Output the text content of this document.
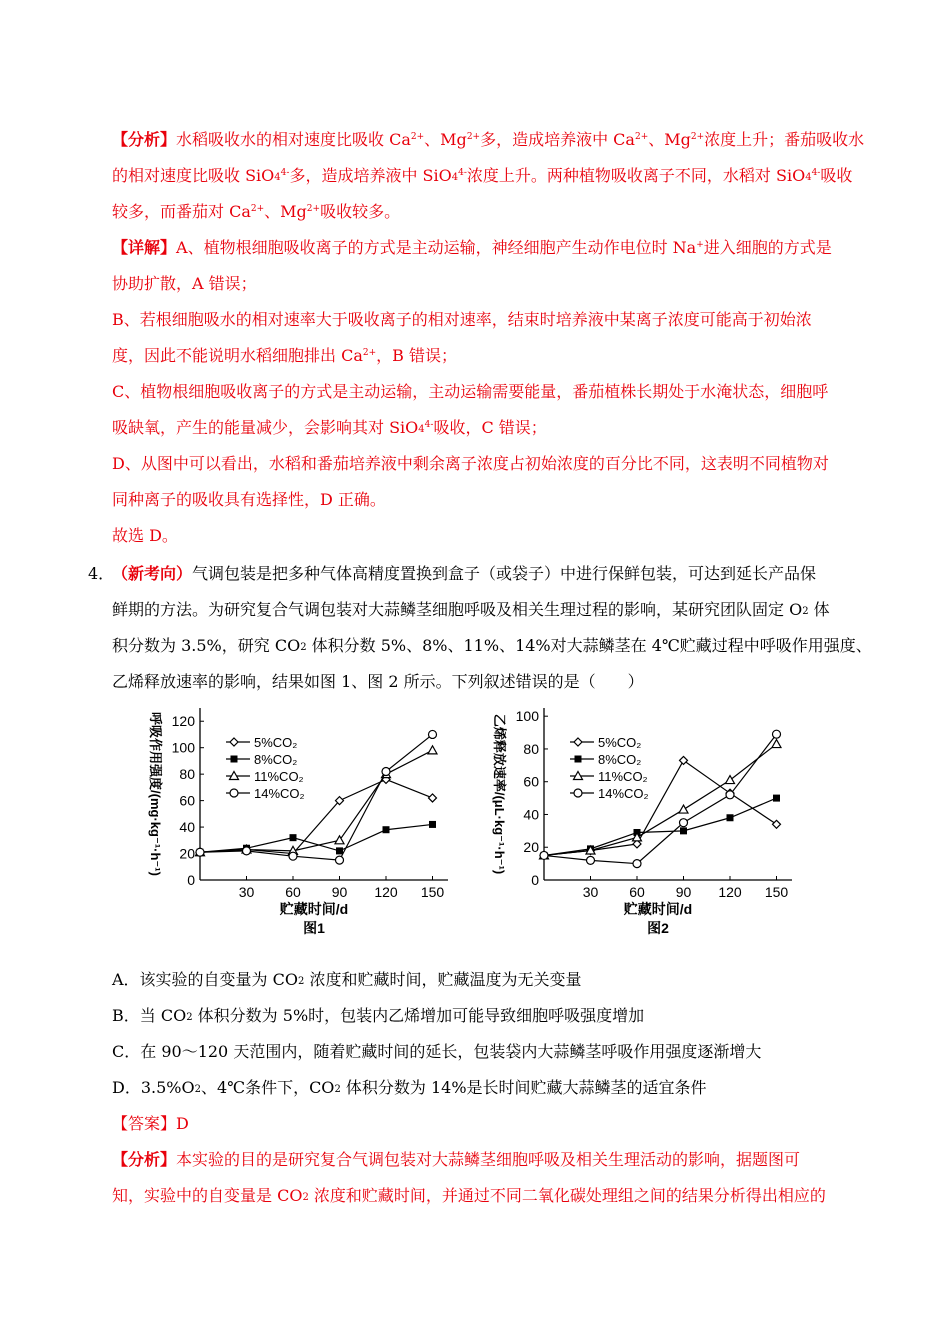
【分析】水稻吸收水的相对速度比吸收 $Ca^{2+}$、$Mg^{2+}$多，造成培养液中 $Ca^{2+}$、$Mg^{2+}$浓度上升；番茄吸收水
的相对速度比吸收 SiO$_4^{4-}$多，造成培养液中 SiO$_4^{4-}$浓度上升。两种植物吸收离子不同，水稻对 SiO$_4^{4-}$吸收
较多，而番茄对 $Ca^{2+}$、$Mg^{2+}$吸收较多。
【详解】A、植物根细胞吸收离子的方式是主动运输，神经细胞产生动作电位时 Na+进入细胞的方式是
协助扩散，A 错误；
B、若根细胞吸水的相对速率大于吸收离子的相对速率，结束时培养液中某离子浓度可能高于初始浓
度，因此不能说明水稻细胞排出 $Ca^{2+}$，B 错误；
C、植物根细胞吸收离子的方式是主动运输，主动运输需要能量，番茄植株长期处于水淹状态，细胞呼
吸缺氧，产生的能量减少，会影响其对 SiO$_4^{4-}$吸收，C 错误；
D、从图中可以看出，水稻和番茄培养液中剩余离子浓度占初始浓度的百分比不同，这表明不同植物对
同种离子的吸收具有选择性，D 正确。
故选 D。
4．
（新考向）气调包装是把多种气体高精度置换到盒子（或袋子）中进行保鲜包装，可达到延长产品保
鲜期的方法。为研究复合气调包装对大蒜鳞茎细胞呼吸及相关生理过程的影响，某研究团队固定 $O_2$ 体
积分数为 3.5%，研究 $CO_2$ 体积分数 5%、8%、11%、14%对大蒜鳞茎在 4℃贮藏过程中呼吸作用强度、
乙烯释放速率的影响，结果如图 1、图 2 所示。下列叙述错误的是（　　）
30 60 90 120 150
0
20
40
60
80
100
120
呼吸作用强度/(mg·kg⁻¹·h⁻¹)
贮藏时间/d
图1
5%CO₂
8%CO₂
11%CO₂
14%CO₂
30 60 90 120 150
0
20
40
60
80
100
乙烯释放速率/(μL·kg⁻¹·h⁻¹)
贮藏时间/d
图2
5%CO₂
8%CO₂
11%CO₂
14%CO₂
A．该实验的自变量为 $CO_2$ 浓度和贮藏时间，贮藏温度为无关变量
B．当 $CO_2$ 体积分数为 5%时，包装内乙烯增加可能导致细胞呼吸强度增加
C．在 90～120 天范围内，随着贮藏时间的延长，包装袋内大蒜鳞茎呼吸作用强度逐渐增大
D．$3.5\%O_2$、4℃条件下，$CO_2$ 体积分数为 14%是长时间贮藏大蒜鳞茎的适宜条件
【答案】D
【分析】本实验的目的是研究复合气调包装对大蒜鳞茎细胞呼吸及相关生理活动的影响，据题图可
知，实验中的自变量是 $CO_2$ 浓度和贮藏时间，并通过不同二氧化碳处理组之间的结果分析得出相应的
